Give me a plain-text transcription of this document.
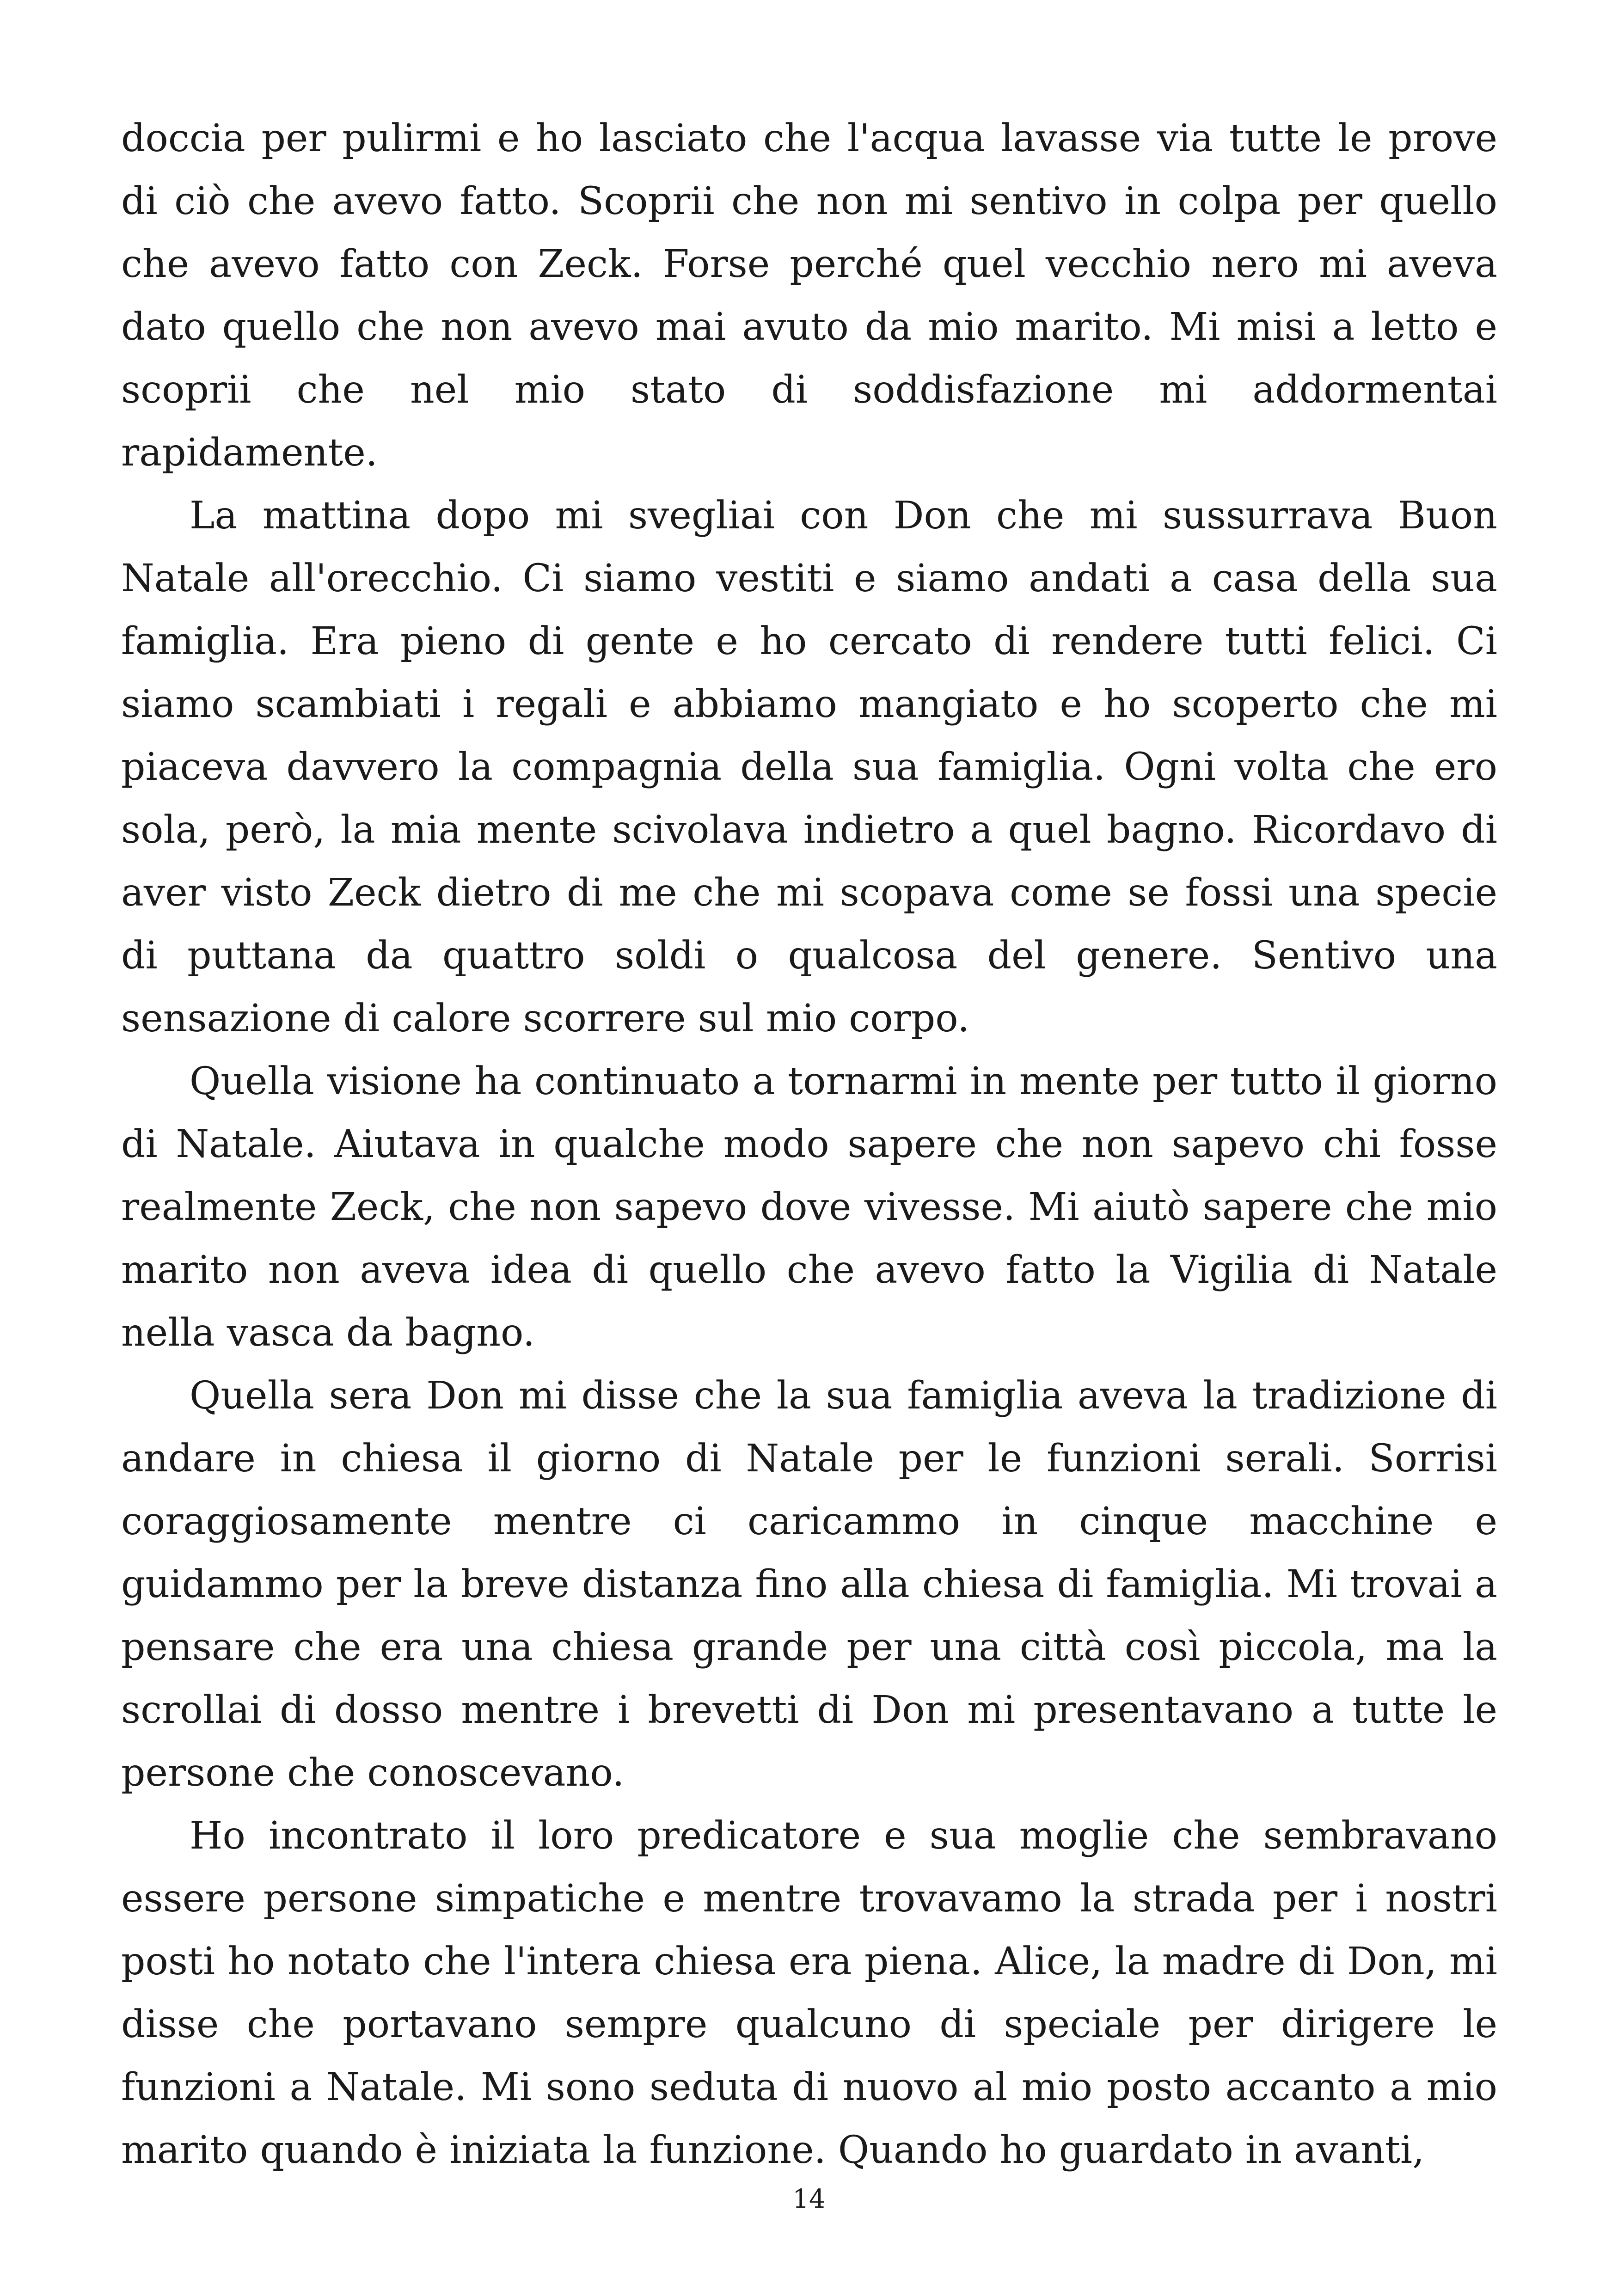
doccia per pulirmi e ho lasciato che l'acqua lavasse via tutte le prove di ciò che avevo fatto. Scoprii che non mi sentivo in colpa per quello che avevo fatto con Zeck. Forse perché quel vecchio nero mi aveva dato quello che non avevo mai avuto da mio marito. Mi misi a letto e scoprii che nel mio stato di soddisfazione mi addormentai rapidamente.

La mattina dopo mi svegliai con Don che mi sussurrava Buon Natale all'orecchio. Ci siamo vestiti e siamo andati a casa della sua famiglia. Era pieno di gente e ho cercato di rendere tutti felici. Ci siamo scambiati i regali e abbiamo mangiato e ho scoperto che mi piaceva davvero la compagnia della sua famiglia. Ogni volta che ero sola, però, la mia mente scivolava indietro a quel bagno. Ricordavo di aver visto Zeck dietro di me che mi scopava come se fossi una specie di puttana da quattro soldi o qualcosa del genere. Sentivo una sensazione di calore scorrere sul mio corpo.

Quella visione ha continuato a tornarmi in mente per tutto il giorno di Natale. Aiutava in qualche modo sapere che non sapevo chi fosse realmente Zeck, che non sapevo dove vivesse. Mi aiutò sapere che mio marito non aveva idea di quello che avevo fatto la Vigilia di Natale nella vasca da bagno.

Quella sera Don mi disse che la sua famiglia aveva la tradizione di andare in chiesa il giorno di Natale per le funzioni serali. Sorrisi coraggiosamente mentre ci caricammo in cinque macchine e guidammo per la breve distanza fino alla chiesa di famiglia. Mi trovai a pensare che era una chiesa grande per una città così piccola, ma la scrollai di dosso mentre i brevetti di Don mi presentavano a tutte le persone che conoscevano.

Ho incontrato il loro predicatore e sua moglie che sembravano essere persone simpatiche e mentre trovavamo la strada per i nostri posti ho notato che l'intera chiesa era piena. Alice, la madre di Don, mi disse che portavano sempre qualcuno di speciale per dirigere le funzioni a Natale. Mi sono seduta di nuovo al mio posto accanto a mio marito quando è iniziata la funzione. Quando ho guardato in avanti,

14
